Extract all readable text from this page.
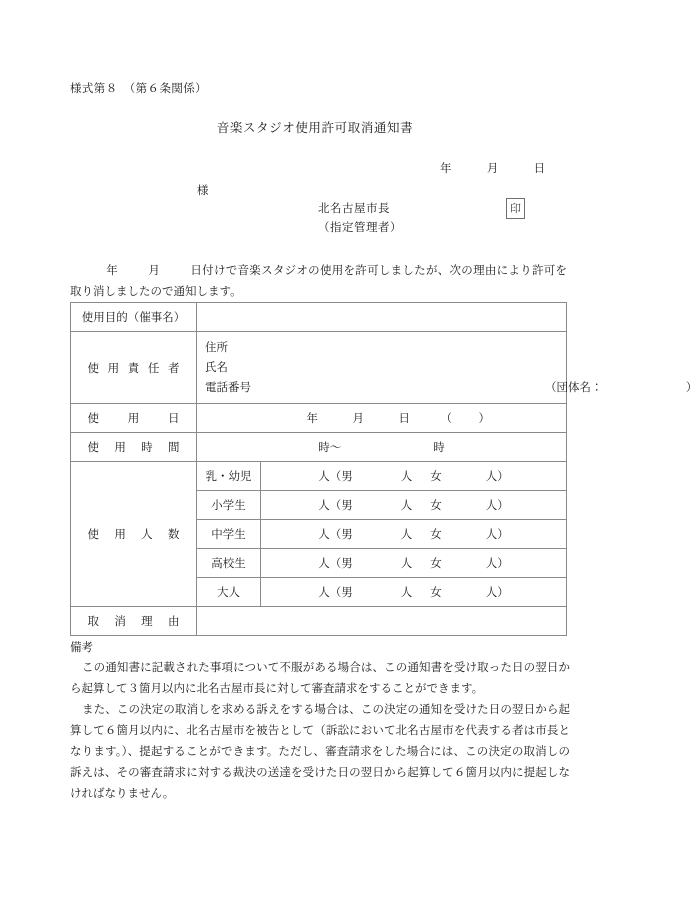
様式第８　（第６条関係）
音楽スタジオ使用許可取消通知書
年	月	日
様
北名古屋市長
（指定管理者）
印
年	月	日付けで音楽スタジオの使用を許可しましたが、次の理由により許可を取り消しましたので通知します。
使用目的（催事名）		
使用責任者	住所
氏名
電話番号 （団体名： ）	

使用日	年 月 日 （ ）	
使用時間	時～ 時	
使用人数	乳・幼児	人（男 人 女 人）
	小学生	人（男 人 女 人）
	中学生	人（男 人 女 人）
	高校生	人（男 人 女 人）
	大人	人（男 人 女 人）
取消理由		
備考

この通知書に記載された事項について不服がある場合は、この通知書を受け取った日の翌日から起算して３箇月以内に北名古屋市長に対して審査請求をすることができます。

また、この決定の取消しを求める訴えをする場合は、この決定の通知を受けた日の翌日から起算して６箇月以内に、北名古屋市を被告として（訴訟において北名古屋市を代表する者は市長となります。）、提起することができます。ただし、審査請求をした場合には、この決定の取消しの訴えは、その審査請求に対する裁決の送達を受けた日の翌日から起算して６箇月以内に提起しなければなりません。
